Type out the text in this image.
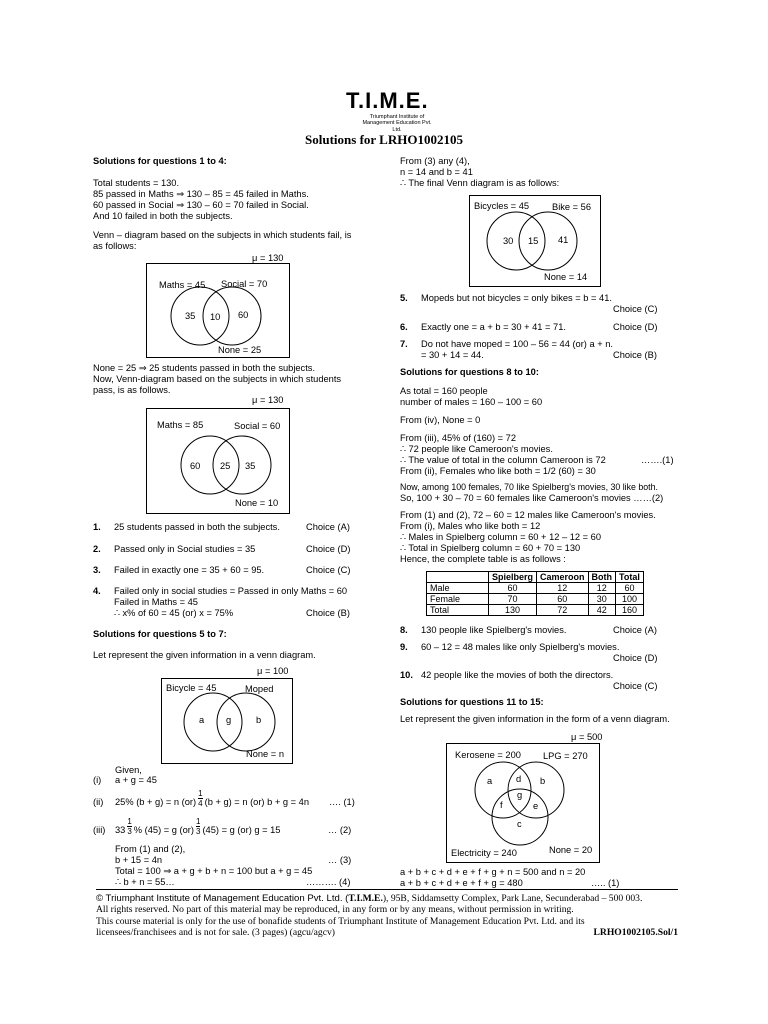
T.I.M.E.
Triumphant Institute of
Management Education Pvt. Ltd.
Solutions for LRHO1002105
Solutions for questions 1 to 4:
Total students = 130.
85 passed in Maths ⇒ 130 – 85 = 45 failed in Maths.
60 passed in Social ⇒ 130 – 60 = 70 failed in Social.
And 10 failed in both the subjects.
Venn – diagram based on the subjects in which students fail, is
as follows:
μ = 130
Maths = 45 Social = 70
35 10 60
None = 25
None = 25 ⇒ 25 students passed in both the subjects.
Now, Venn-diagram based on the subjects in which students
pass, is as follows.
μ = 130
Maths = 85	Social = 60
60 25 35
None = 10
1. 25 students passed in both the subjects.	Choice (A)
2. Passed only in Social studies = 35	Choice (D)
3. Failed in exactly one = 35 + 60 = 95.	Choice (C)
4. Failed only in social studies = Passed in only Maths = 60
Failed in Maths = 45
∴ x% of 60 = 45 (or) x = 75%	Choice (B)
Solutions for questions 5 to 7:
Let represent the given information in a venn diagram.
μ = 100
Bicycle = 45	Moped
a g	b
None = n
Given,
(i) a + g = 45
(ii) 25% (b + g) = n $(or) \frac{1}{4} (b + g) = n$ (or) b + g = 4n …. (1)
(iii) $33 \frac{1}{3}$ % (45) = g $(or) \frac{1}{3} (45) = g$ (or) g = 15	… (2)
From (1) and (2),
b + 15 = 4n	… (3)
Total = 100 ⇒ a + g + b + n = 100 but a + g = 45
∴ b + n = 55…	………. (4)
From (3) any (4),
n = 14 and b = 41
∴ The final Venn diagram is as follows:
Bicycles = 45 Bike = 56
30 15 41
None = 14
5. Mopeds but not bicycles = only bikes = b = 41.
Choice (C)
6. Exactly one = a + b = 30 + 41 = 71.	Choice (D)
7. Do not have moped = 100 – 56 = 44 (or) a + n.
= 30 + 14 = 44.	Choice (B)
Solutions for questions 8 to 10:
As total = 160 people
number of males = 160 – 100 = 60
From (iv), None = 0
From (iii), 45% of (160) = 72
∴ 72 people like Cameroon's movies.
∴ The value of total in the column Cameroon is 72	…….(1)
From (ii), Females who like both = 1/2 (60) = 30
Now, among 100 females, 70 like Spielberg's movies, 30 like both.
So, 100 + 30 – 70 = 60 females like Cameroon's movies ……(2)
From (1) and (2), 72 – 60 = 12 males like Cameroon's movies.
From (i), Males who like both = 12
∴ Males in Spielberg column = 60 + 12 – 12 = 60
∴ Total in Spielberg column = 60 + 70 = 130
Hence, the complete table is as follows :
	Spielberg	Cameroon	Both	Total
Male	60	12	12	60
Female	70	60	30	100
Total	130	72	42	160
8. 130 people like Spielberg's movies.	Choice (A)
9. 60 – 12 = 48 males like only Spielberg's movies.
Choice (D)
10. 42 people like the movies of both the directors.
Choice (C)
Solutions for questions 11 to 15:
Let represent the given information in the form of a venn diagram.
μ = 500
Kerosene = 200 LPG = 270
a	d b
g
f	e
c
Electricity = 240	None = 20
a + b + c + d + e + f + g + n = 500 and n = 20
a + b + c + d + e + f + g = 480	….. (1)
© Triumphant Institute of Management Education Pvt. Ltd. (T.I.M.E.), 95B, Siddamsetty Complex, Park Lane, Secunderabad – 500 003.
All rights reserved. No part of this material may be reproduced, in any form or by any means, without permission in writing.
This course material is only for the use of bonafide students of Triumphant Institute of Management Education Pvt. Ltd. and its
licensees/franchisees and is not for sale. (3 pages) (agcu/agcv)	LRHO1002105.Sol/1
